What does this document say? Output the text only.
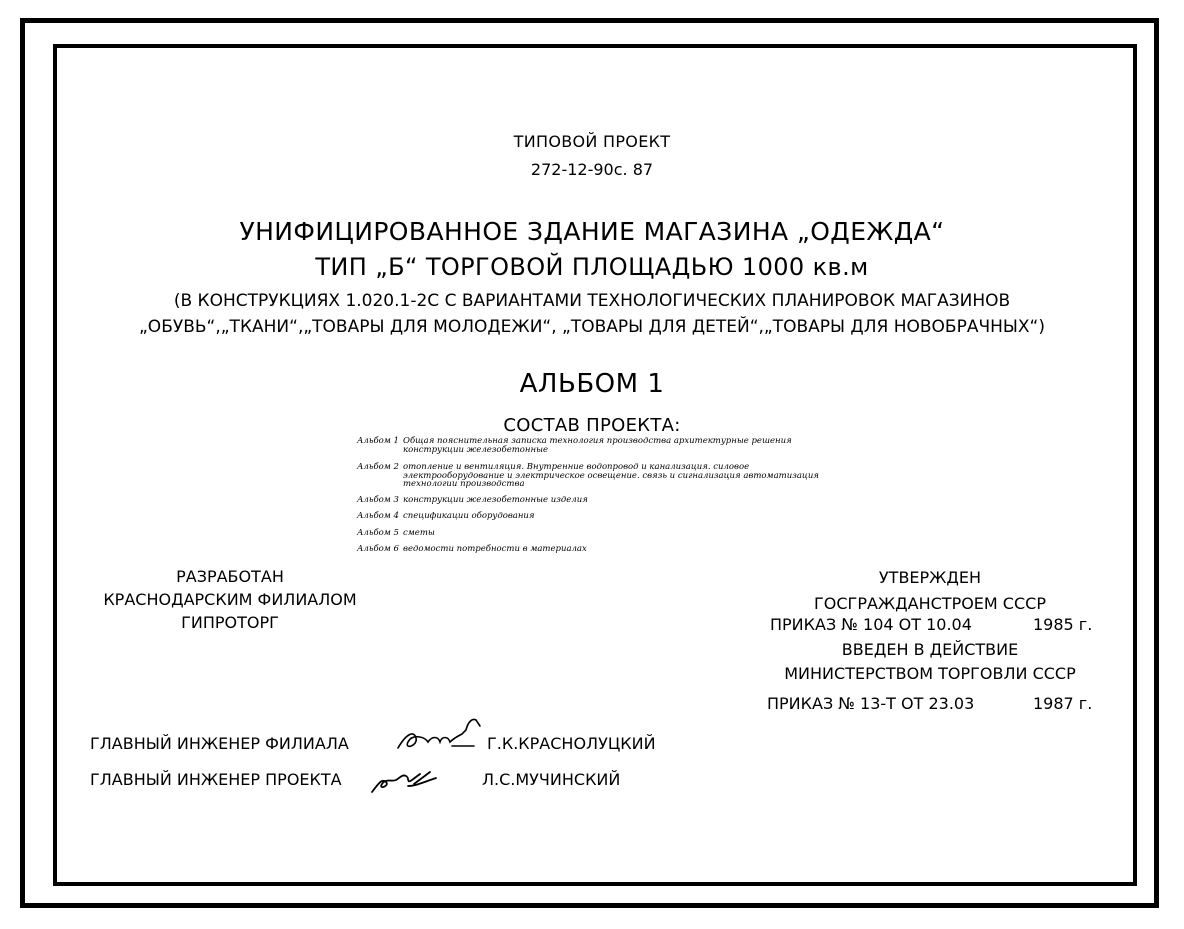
ТИПОВОЙ ПРОЕКТ
272-12-90с. 87
УНИФИЦИРОВАННОЕ ЗДАНИЕ МАГАЗИНА „ОДЕЖДА“
ТИП „Б“ ТОРГОВОЙ ПЛОЩАДЬЮ 1000 кв.м
(В КОНСТРУКЦИЯХ 1.020.1-2С С ВАРИАНТАМИ ТЕХНОЛОГИЧЕСКИХ ПЛАНИРОВОК МАГАЗИНОВ
„ОБУВЬ“,„ТКАНИ“,„ТОВАРЫ ДЛЯ МОЛОДЕЖИ“, „ТОВАРЫ ДЛЯ ДЕТЕЙ“,„ТОВАРЫ ДЛЯ НОВОБРАЧНЫХ“)
АЛЬБОМ 1
СОСТАВ ПРОЕКТА:
Альбом 1 Общая пояснительная записка технология производства архитектурные решения конструкции железобетонные
Альбом 2 отопление и вентиляция. Внутренние водопровод и канализация. силовое электрооборудование и электрическое освещение. связь и сигнализация автоматизация технологии производства
Альбом 3 конструкции железобетонные изделия
Альбом 4 спецификации оборудования
Альбом 5 сметы
Альбом 6 ведомости потребности в материалах
РАЗРАБОТАН
КРАСНОДАРСКИМ ФИЛИАЛОМ
ГИПРОТОРГ
УТВЕРЖДЕН
ГОСГРАЖДАНСТРОЕМ СССР
ПРИКАЗ № 104 ОТ 10.04	1985 г.
ВВЕДЕН В ДЕЙСТВИЕ
МИНИСТЕРСТВОМ ТОРГОВЛИ СССР
ПРИКАЗ № 13-Т ОТ 23.03	1987 г.
ГЛАВНЫЙ ИНЖЕНЕР ФИЛИАЛА	Г.К.КРАСНОЛУЦКИЙ
ГЛАВНЫЙ ИНЖЕНЕР ПРОЕКТА	Л.С.МУЧИНСКИЙ
